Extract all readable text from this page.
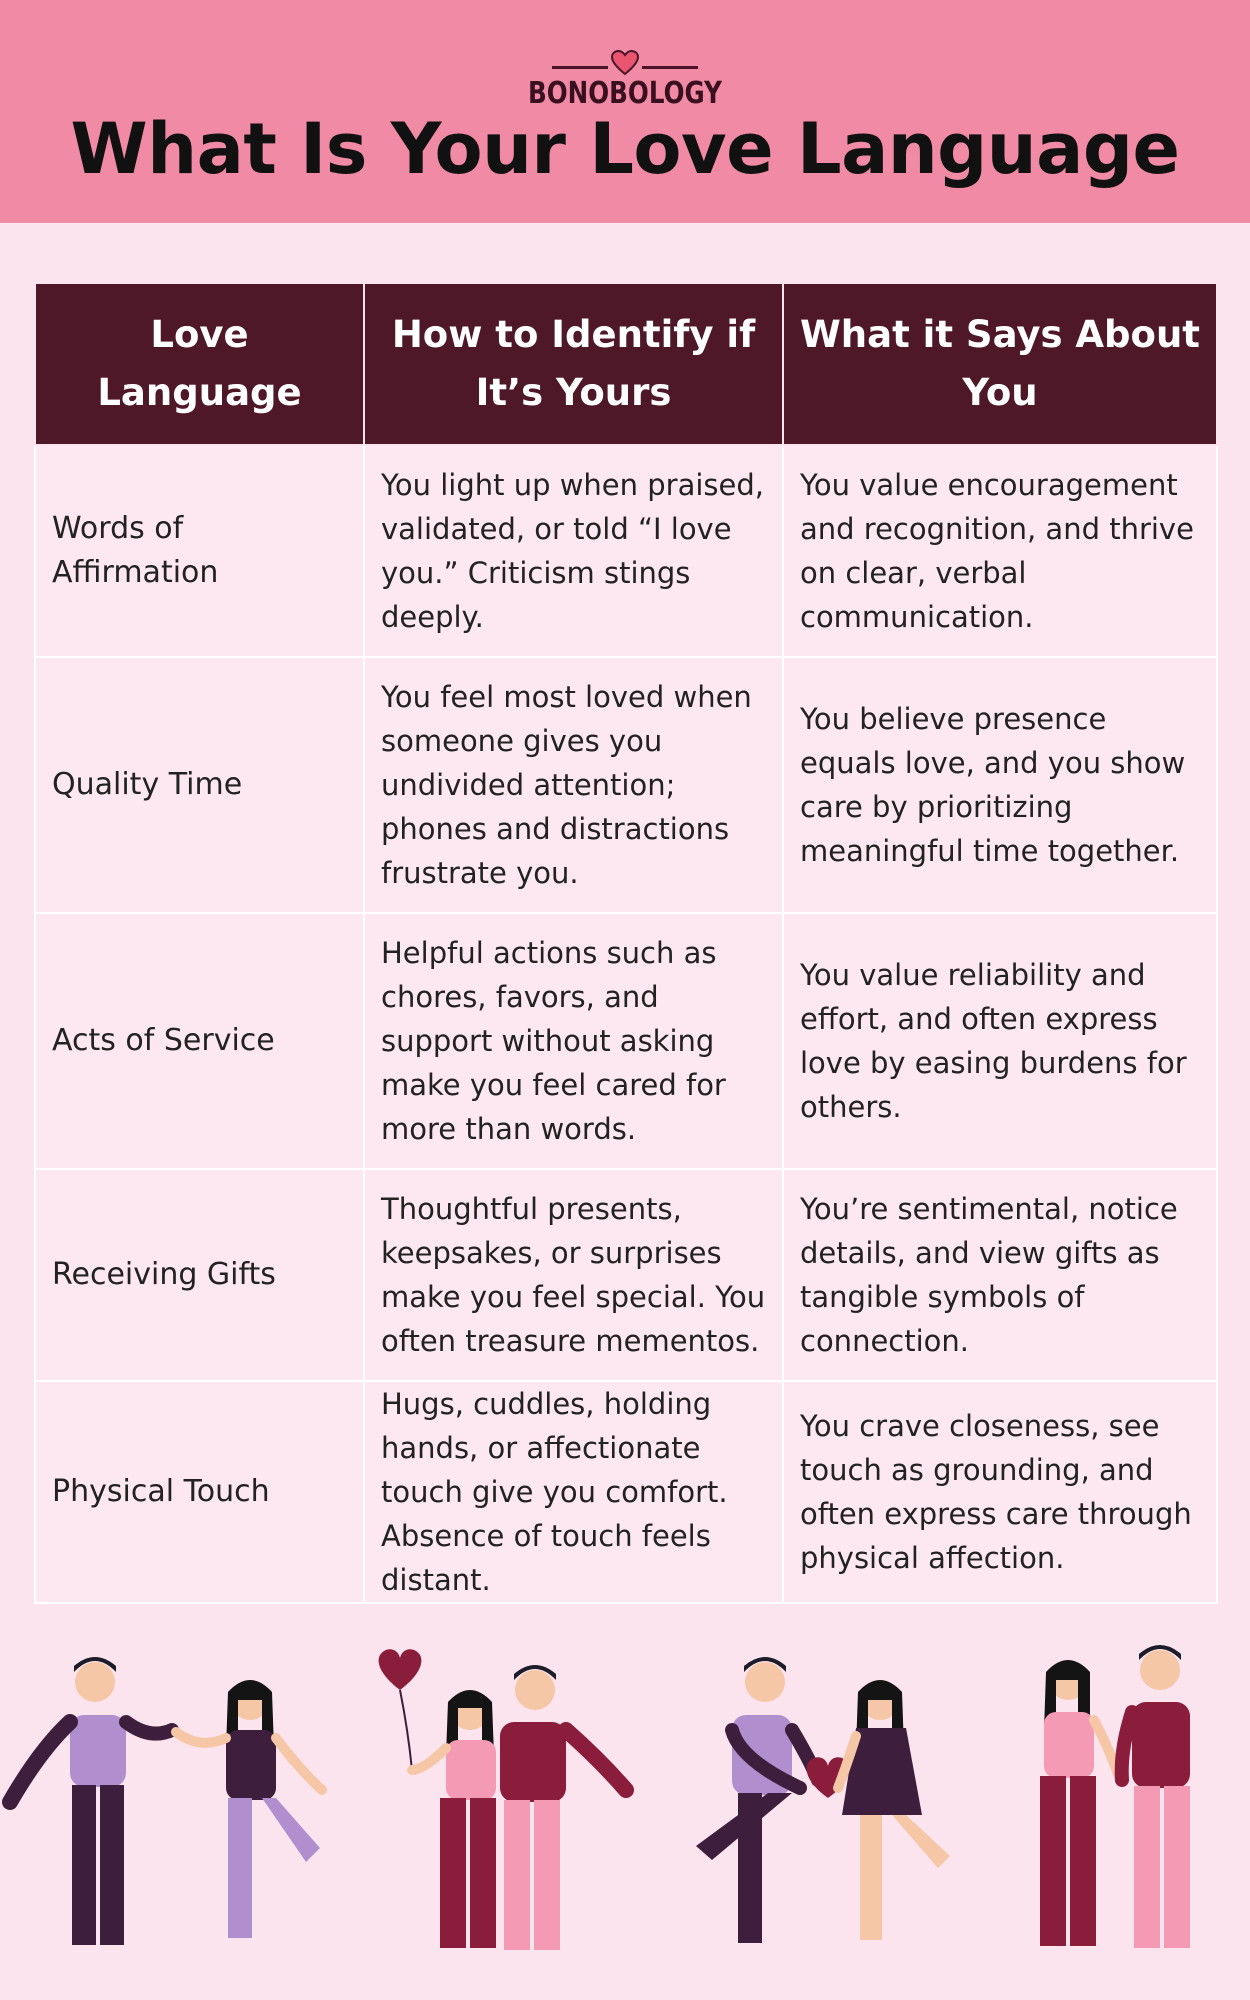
BONOBOLOGY
What Is Your Love Language
Love Language	How to Identify if It’s Yours	What it Says About You
Words of Affirmation	You light up when praised, validated, or told “I love you.” Criticism stings deeply.	You value encouragement and recognition, and thrive on clear, verbal communication.
Quality Time	You feel most loved when someone gives you undivided attention; phones and distractions frustrate you.	You believe presence equals love, and you show care by prioritizing meaningful time together.
Acts of Service	Helpful actions such as chores, favors, and support without asking make you feel cared for more than words.	You value reliability and effort, and often express love by easing burdens for others.
Receiving Gifts	Thoughtful presents, keepsakes, or surprises make you feel special. You often treasure mementos.	You’re sentimental, notice details, and view gifts as tangible symbols of connection.
Physical Touch	Hugs, cuddles, holding hands, or affectionate touch give you comfort. Absence of touch feels distant.	You crave closeness, see touch as grounding, and often express care through physical affection.
